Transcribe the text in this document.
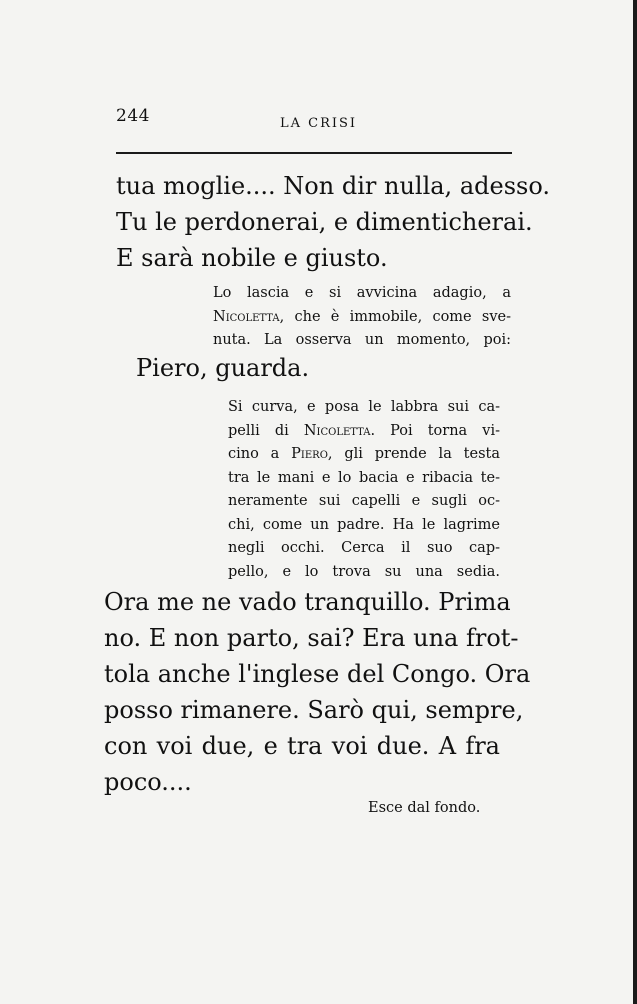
244	LA CRISI
tua moglie.... Non dir nulla, adesso.
Tu le perdonerai, e dimenticherai.
E sarà nobile e giusto.
Lo lascia e si avvicina adagio, a
Nicoletta, che è immobile, come sve-
nuta. La osserva un momento, poi:
Piero, guarda.
Si curva, e posa le labbra sui ca-
pelli di Nicoletta. Poi torna vi-
cino a Piero, gli prende la testa
tra le mani e lo bacia e ribacia te-
neramente sui capelli e sugli oc-
chi, come un padre. Ha le lagrime
negli occhi. Cerca il suo cap-
pello, e lo trova su una sedia.
Ora me ne vado tranquillo. Prima
no. E non parto, sai? Era una frot-
tola anche l'inglese del Congo. Ora
posso rimanere. Sarò qui, sempre,
con voi due, e tra voi due. A fra
poco....
Esce dal fondo.
